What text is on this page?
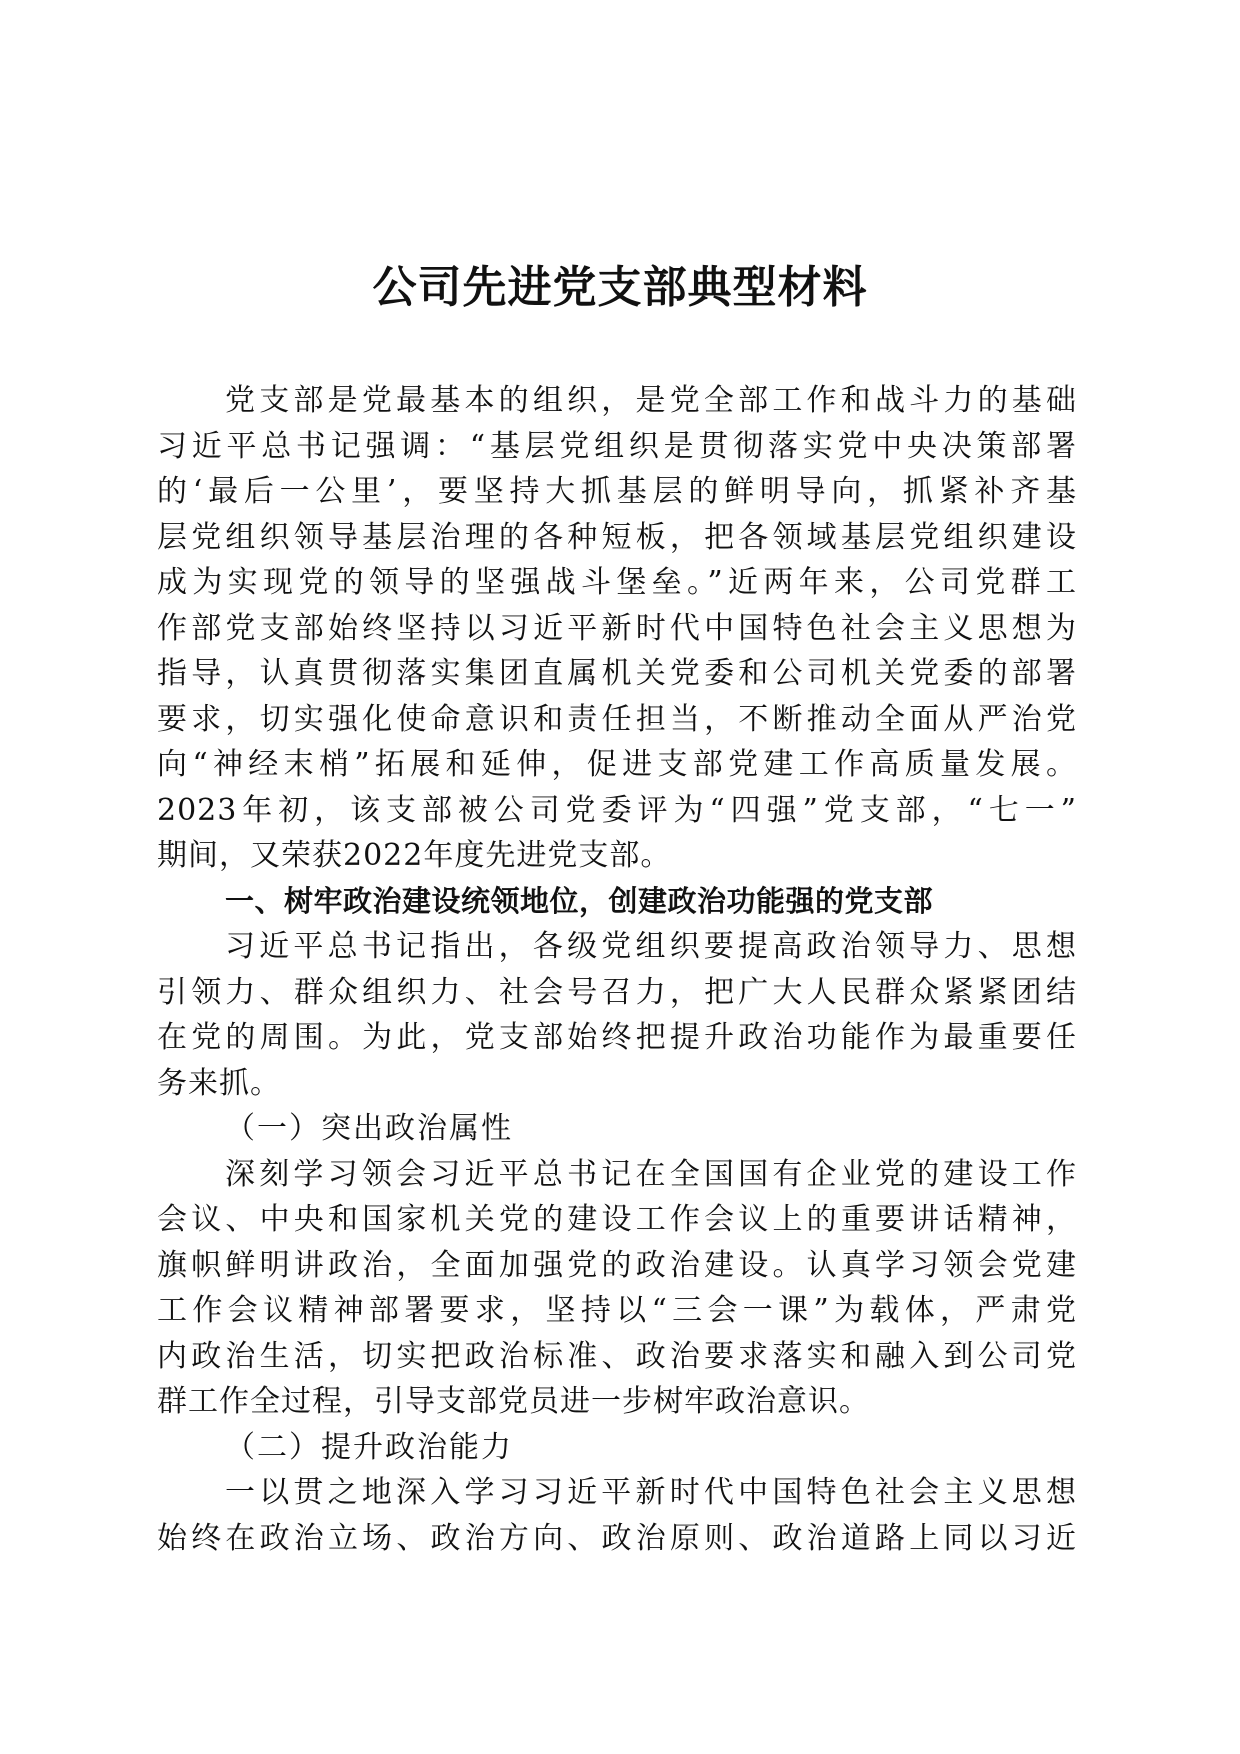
公司先进党支部典型材料
党支部是党最基本的组织，是党全部工作和战斗力的基础
习近平总书记强调：“基层党组织是贯彻落实党中央决策部署
的‘最后一公里’，要坚持大抓基层的鲜明导向，抓紧补齐基
层党组织领导基层治理的各种短板，把各领域基层党组织建设
成为实现党的领导的坚强战斗堡垒。”近两年来，公司党群工
作部党支部始终坚持以习近平新时代中国特色社会主义思想为
指导，认真贯彻落实集团直属机关党委和公司机关党委的部署
要求，切实强化使命意识和责任担当，不断推动全面从严治党
向“神经末梢”拓展和延伸，促进支部党建工作高质量发展。
2023年初，该支部被公司党委评为“四强”党支部，“七一”
期间，又荣获2022年度先进党支部。
一、树牢政治建设统领地位，创建政治功能强的党支部
习近平总书记指出，各级党组织要提高政治领导力、思想
引领力、群众组织力、社会号召力，把广大人民群众紧紧团结
在党的周围。为此，党支部始终把提升政治功能作为最重要任
务来抓。
（一）突出政治属性
深刻学习领会习近平总书记在全国国有企业党的建设工作
会议、中央和国家机关党的建设工作会议上的重要讲话精神，
旗帜鲜明讲政治，全面加强党的政治建设。认真学习领会党建
工作会议精神部署要求，坚持以“三会一课”为载体，严肃党
内政治生活，切实把政治标准、政治要求落实和融入到公司党
群工作全过程，引导支部党员进一步树牢政治意识。
（二）提升政治能力
一以贯之地深入学习习近平新时代中国特色社会主义思想
始终在政治立场、政治方向、政治原则、政治道路上同以习近
